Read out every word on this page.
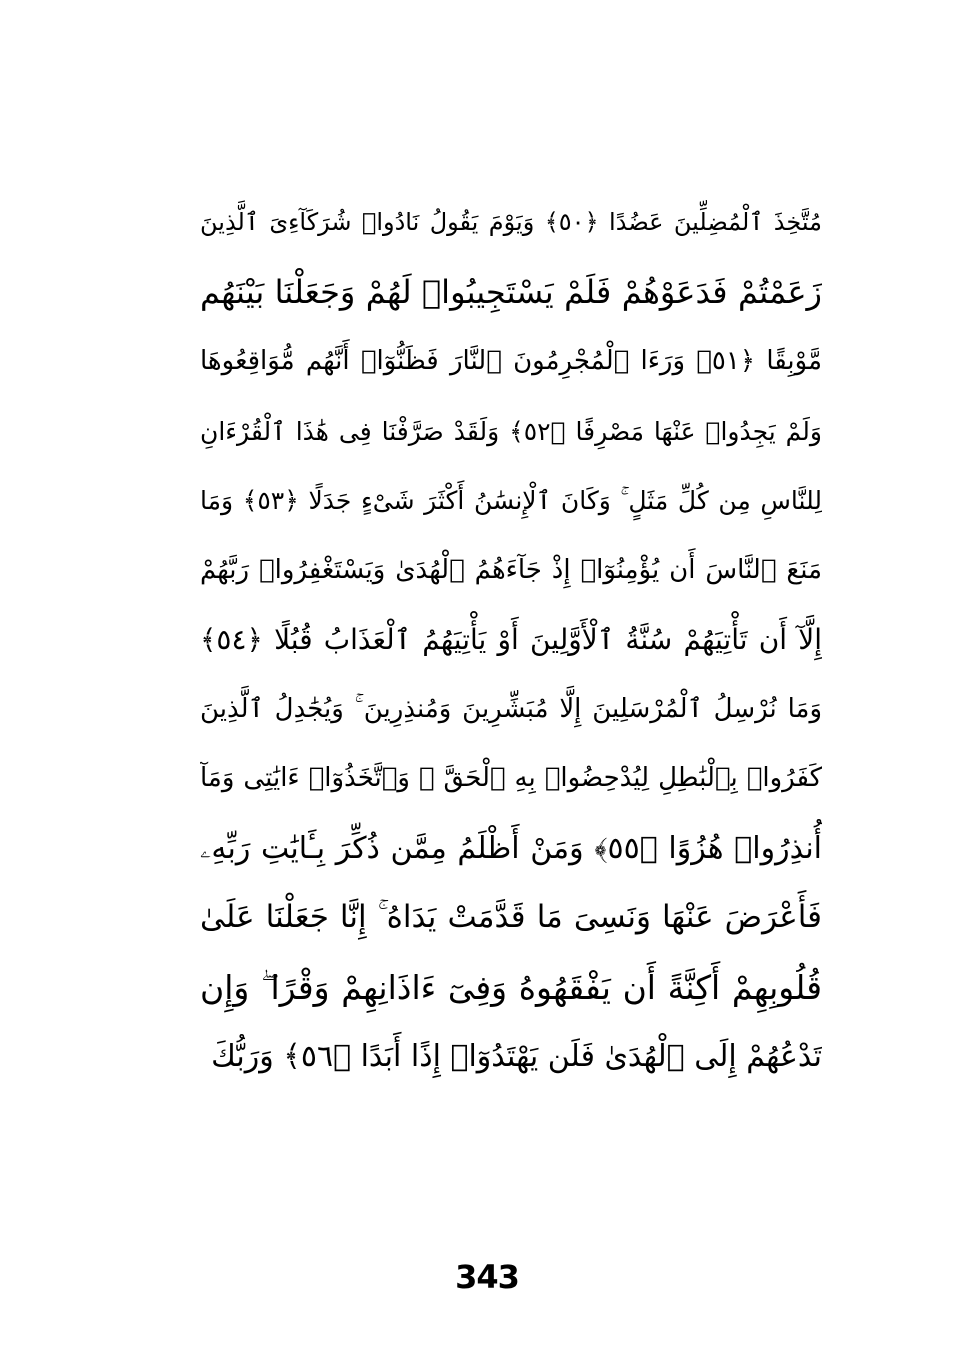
مُتَّخِذَ ٱلْمُضِلِّينَ عَضُدًا ﴿٥٠﴾ وَيَوْمَ يَقُولُ نَادُوا۟ شُرَكَآءِىَ ٱلَّذِينَ
زَعَمْتُمْ فَدَعَوْهُمْ فَلَمْ يَسْتَجِيبُوا۟ لَهُمْ وَجَعَلْنَا بَيْنَهُم
مَّوْبِقًا ﴿٥١﴾ وَرَءَا ٱلْمُجْرِمُونَ ٱلنَّارَ فَظَنُّوٓا۟ أَنَّهُم مُّوَاقِعُوهَا
وَلَمْ يَجِدُوا۟ عَنْهَا مَصْرِفًا ﴿٥٢﴾ وَلَقَدْ صَرَّفْنَا فِى هَٰذَا ٱلْقُرْءَانِ
لِلنَّاسِ مِن كُلِّ مَثَلٍ ۚ وَكَانَ ٱلْإِنسَٰنُ أَكْثَرَ شَىْءٍ جَدَلًا ﴿٥٣﴾ وَمَا
مَنَعَ ٱلنَّاسَ أَن يُؤْمِنُوٓا۟ إِذْ جَآءَهُمُ ٱلْهُدَىٰ وَيَسْتَغْفِرُوا۟ رَبَّهُمْ
إِلَّآ أَن تَأْتِيَهُمْ سُنَّةُ ٱلْأَوَّلِينَ أَوْ يَأْتِيَهُمُ ٱلْعَذَابُ قُبُلًا ﴿٥٤﴾
وَمَا نُرْسِلُ ٱلْمُرْسَلِينَ إِلَّا مُبَشِّرِينَ وَمُنذِرِينَ ۚ وَيُجَٰدِلُ ٱلَّذِينَ
كَفَرُوا۟ بِٱلْبَٰطِلِ لِيُدْحِضُوا۟ بِهِ ٱلْحَقَّ ۖ وَٱتَّخَذُوٓا۟ ءَايَٰتِى وَمَآ
أُنذِرُوا۟ هُزُوًا ﴿٥٥﴾ وَمَنْ أَظْلَمُ مِمَّن ذُكِّرَ بِـَٔايَٰتِ رَبِّهِۦ
فَأَعْرَضَ عَنْهَا وَنَسِىَ مَا قَدَّمَتْ يَدَاهُ ۚ إِنَّا جَعَلْنَا عَلَىٰ
قُلُوبِهِمْ أَكِنَّةً أَن يَفْقَهُوهُ وَفِىٓ ءَاذَانِهِمْ وَقْرًا ۖ وَإِن
تَدْعُهُمْ إِلَى ٱلْهُدَىٰ فَلَن يَهْتَدُوٓا۟ إِذًا أَبَدًا ﴿٥٦﴾ وَرَبُّكَ
343
